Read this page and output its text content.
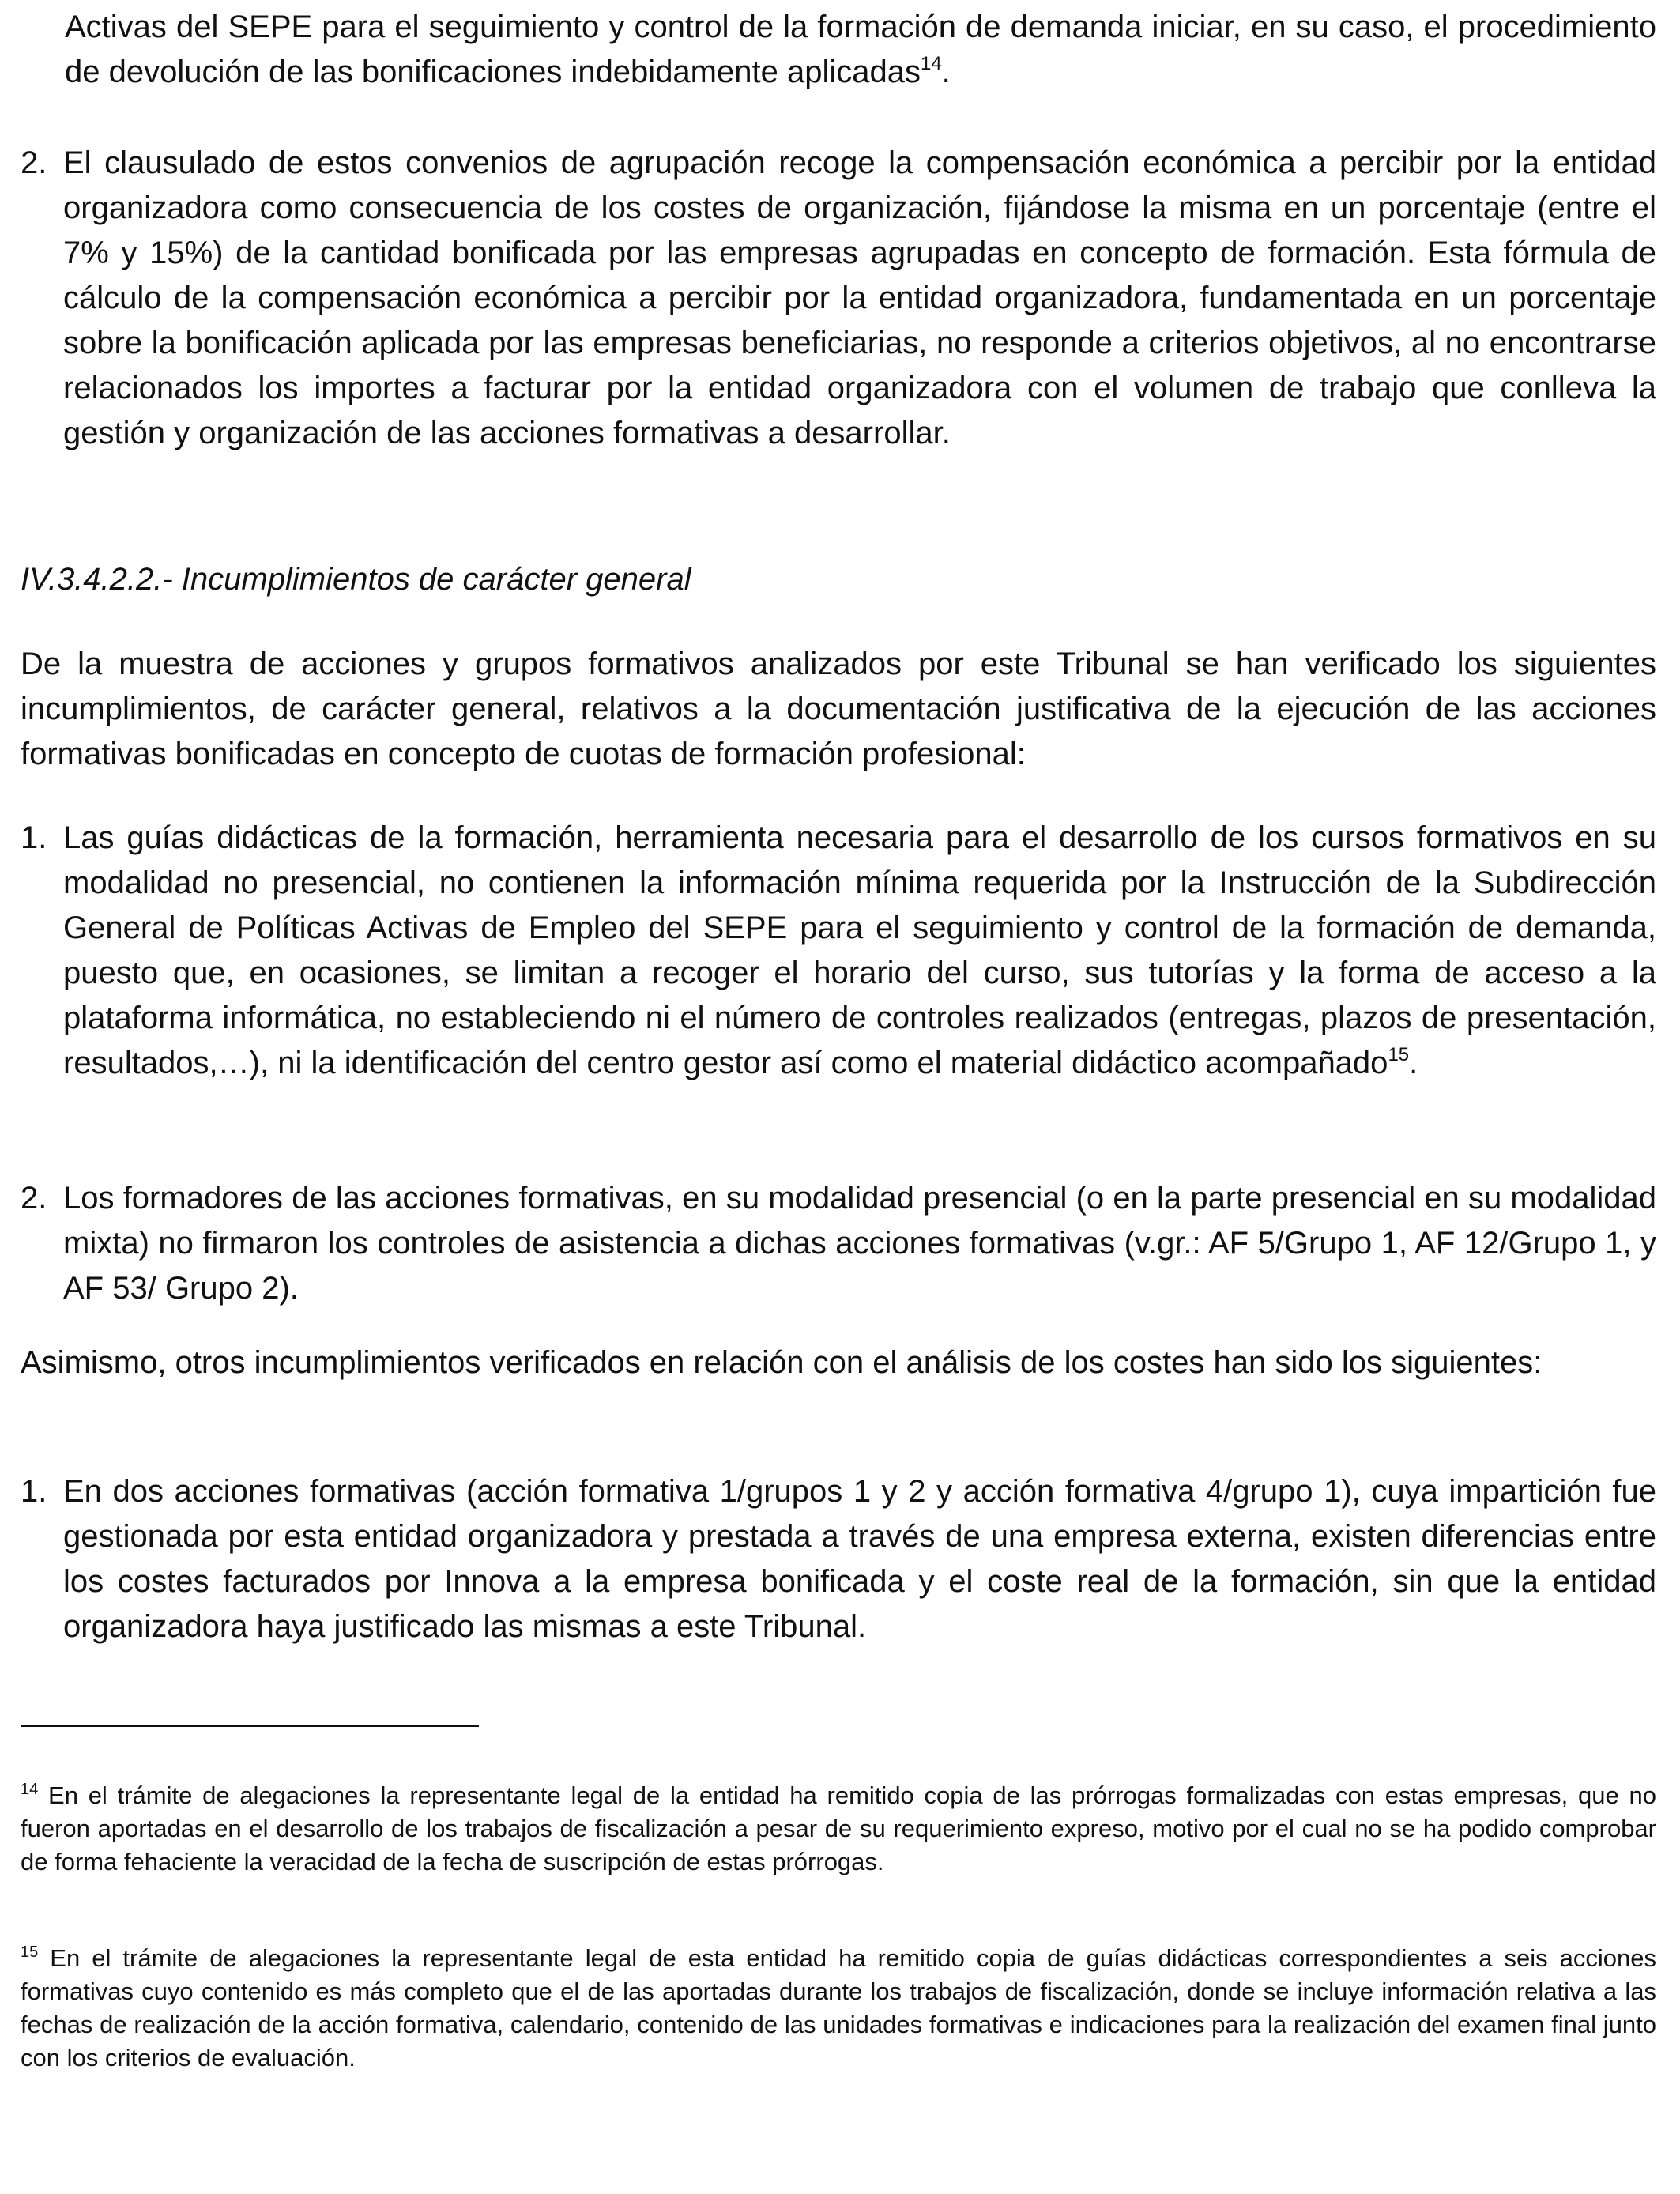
Activas del SEPE para el seguimiento y control de la formación de demanda iniciar, en su caso, el procedimiento de devolución de las bonificaciones indebidamente aplicadas$^{14}$.

2. El clausulado de estos convenios de agrupación recoge la compensación económica a percibir por la entidad organizadora como consecuencia de los costes de organización, fijándose la misma en un porcentaje (entre el 7% y 15%) de la cantidad bonificada por las empresas agrupadas en concepto de formación. Esta fórmula de cálculo de la compensación económica a percibir por la entidad organizadora, fundamentada en un porcentaje sobre la bonificación aplicada por las empresas beneficiarias, no responde a criterios objetivos, al no encontrarse relacionados los importes a facturar por la entidad organizadora con el volumen de trabajo que conlleva la gestión y organización de las acciones formativas a desarrollar.

IV.3.4.2.2.- Incumplimientos de carácter general

De la muestra de acciones y grupos formativos analizados por este Tribunal se han verificado los siguientes incumplimientos, de carácter general, relativos a la documentación justificativa de la ejecución de las acciones formativas bonificadas en concepto de cuotas de formación profesional:

1. Las guías didácticas de la formación, herramienta necesaria para el desarrollo de los cursos formativos en su modalidad no presencial, no contienen la información mínima requerida por la Instrucción de la Subdirección General de Políticas Activas de Empleo del SEPE para el seguimiento y control de la formación de demanda, puesto que, en ocasiones, se limitan a recoger el horario del curso, sus tutorías y la forma de acceso a la plataforma informática, no estableciendo ni el número de controles realizados (entregas, plazos de presentación, resultados,…), ni la identificación del centro gestor así como el material didáctico acompañado$^{15}$.
2. Los formadores de las acciones formativas, en su modalidad presencial (o en la parte presencial en su modalidad mixta) no firmaron los controles de asistencia a dichas acciones formativas (v.gr.: AF 5/Grupo 1, AF 12/Grupo 1, y AF 53/ Grupo 2).

Asimismo, otros incumplimientos verificados en relación con el análisis de los costes han sido los siguientes:

1. En dos acciones formativas (acción formativa 1/grupos 1 y 2 y acción formativa 4/grupo 1), cuya impartición fue gestionada por esta entidad organizadora y prestada a través de una empresa externa, existen diferencias entre los costes facturados por Innova a la empresa bonificada y el coste real de la formación, sin que la entidad organizadora haya justificado las mismas a este Tribunal.

$^{14}$ En el trámite de alegaciones la representante legal de la entidad ha remitido copia de las prórrogas formalizadas con estas empresas, que no fueron aportadas en el desarrollo de los trabajos de fiscalización a pesar de su requerimiento expreso, motivo por el cual no se ha podido comprobar de forma fehaciente la veracidad de la fecha de suscripción de estas prórrogas.

$^{15}$ En el trámite de alegaciones la representante legal de esta entidad ha remitido copia de guías didácticas correspondientes a seis acciones formativas cuyo contenido es más completo que el de las aportadas durante los trabajos de fiscalización, donde se incluye información relativa a las fechas de realización de la acción formativa, calendario, contenido de las unidades formativas e indicaciones para la realización del examen final junto con los criterios de evaluación.
